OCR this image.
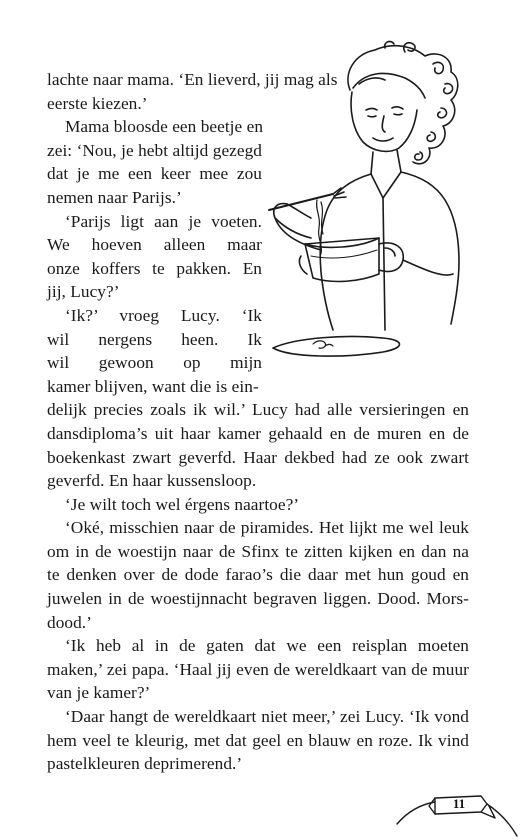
lachte naar mama. ‘En lieverd, jij mag als
eerste kiezen.’
Mama bloosde een beetje en
zei: ‘Nou, je hebt altijd gezegd
dat je me een keer mee zou
nemen naar Parijs.’
‘Parijs ligt aan je voeten.
We hoeven alleen maar
onze koffers te pakken. En
jij, Lucy?’
‘Ik?’ vroeg Lucy. ‘Ik
wil nergens heen. Ik
wil gewoon op mijn
kamer blijven, want die is ein-
delijk precies zoals ik wil.’ Lucy had alle versieringen en
dansdiploma’s uit haar kamer gehaald en de muren en de
boekenkast zwart geverfd. Haar dekbed had ze ook zwart
geverfd. En haar kussensloop.
‘Je wilt toch wel érgens naartoe?’
‘Oké, misschien naar de piramides. Het lijkt me wel leuk
om in de woestijn naar de Sfinx te zitten kijken en dan na
te denken over de dode farao’s die daar met hun goud en
juwelen in de woestijnnacht begraven liggen. Dood. Mors-
dood.’
‘Ik heb al in de gaten dat we een reisplan moeten
maken,’ zei papa. ‘Haal jij even de wereldkaart van de muur
van je kamer?’
‘Daar hangt de wereldkaart niet meer,’ zei Lucy. ‘Ik vond
hem veel te kleurig, met dat geel en blauw en roze. Ik vind
pastelkleuren deprimerend.’
11
